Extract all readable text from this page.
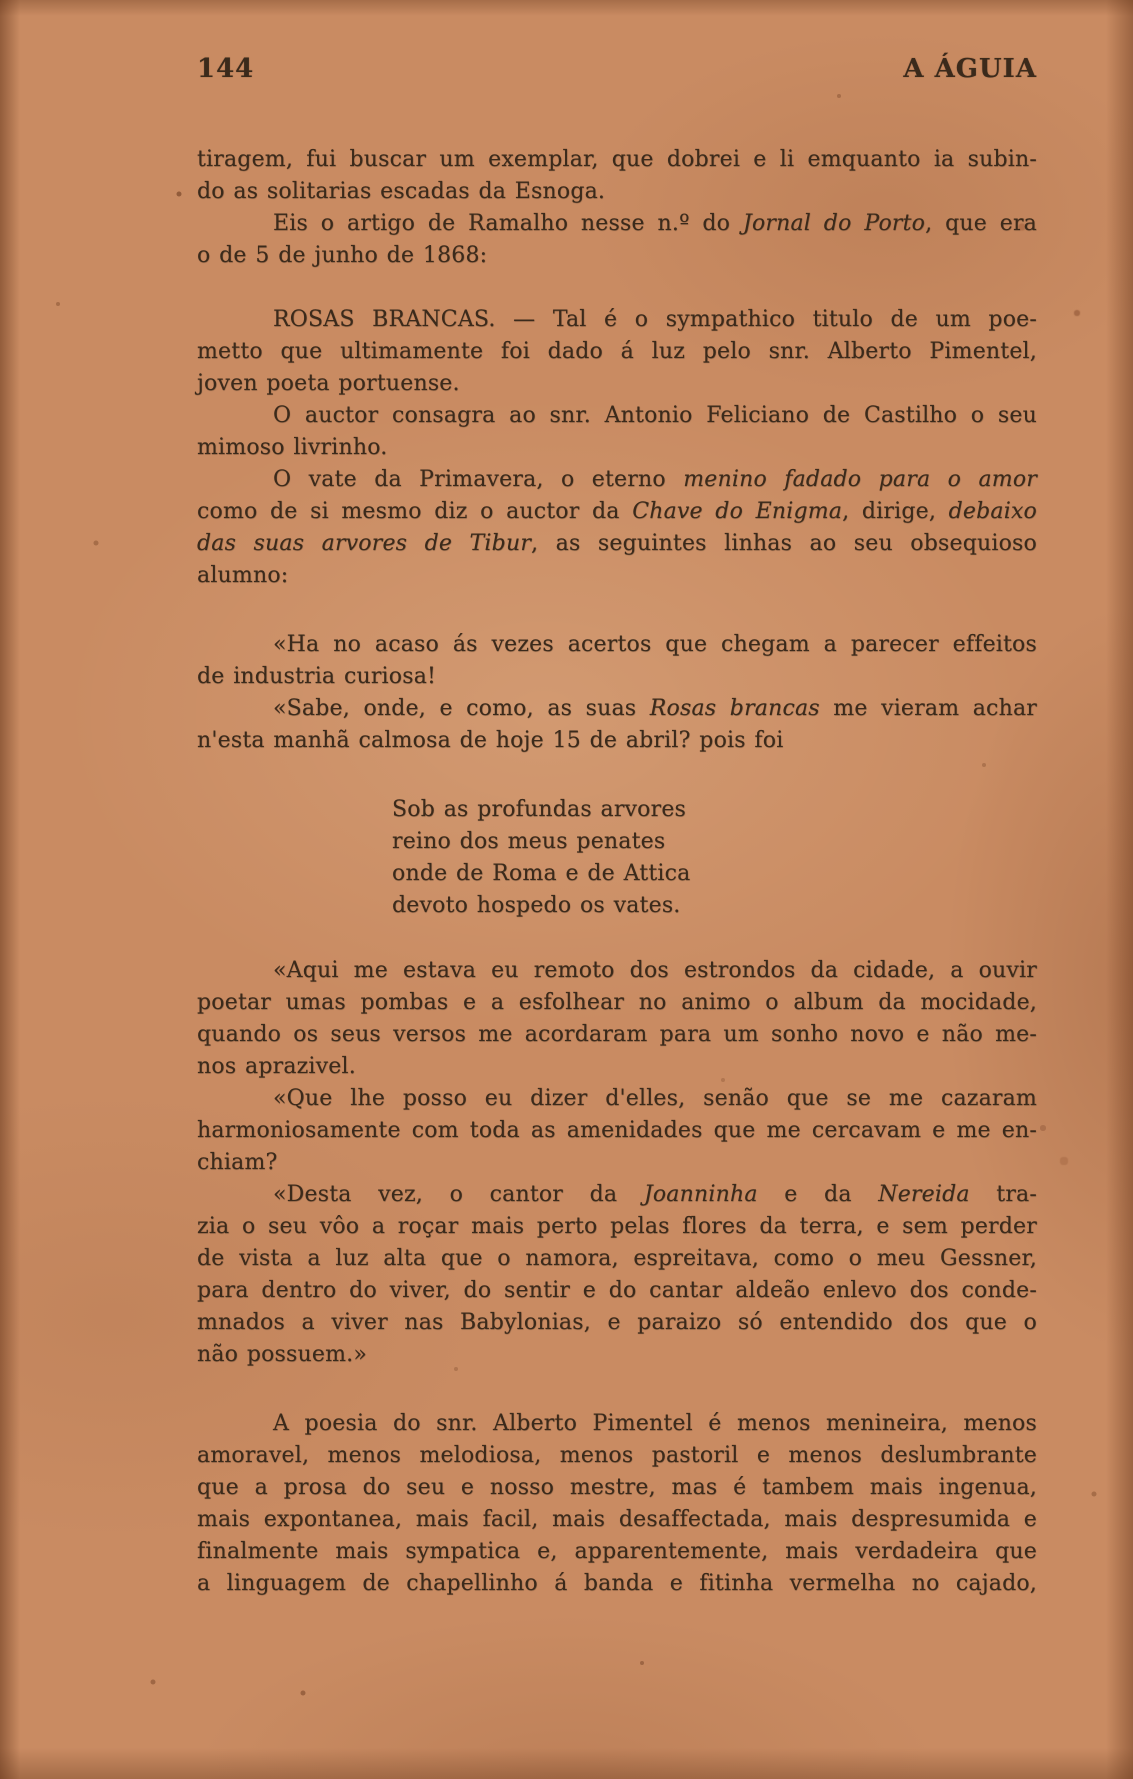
144	A ÁGUIA
tiragem, fui buscar um exemplar, que dobrei e li emquanto ia subin-
do as solitarias escadas da Esnoga.
Eis o artigo de Ramalho nesse n.º do Jornal do Porto, que era
o de 5 de junho de 1868:
ROSAS BRANCAS. — Tal é o sympathico titulo de um poe-
metto que ultimamente foi dado á luz pelo snr. Alberto Pimentel,
joven poeta portuense.
O auctor consagra ao snr. Antonio Feliciano de Castilho o seu
mimoso livrinho.
O vate da Primavera, o eterno menino fadado para o amor
como de si mesmo diz o auctor da Chave do Enigma, dirige, debaixo
das suas arvores de Tibur, as seguintes linhas ao seu obsequioso
alumno:
«Ha no acaso ás vezes acertos que chegam a parecer effeitos
de industria curiosa!
«Sabe, onde, e como, as suas Rosas brancas me vieram achar
n'esta manhã calmosa de hoje 15 de abril? pois foi
Sob as profundas arvores
reino dos meus penates
onde de Roma e de Attica
devoto hospedo os vates.
«Aqui me estava eu remoto dos estrondos da cidade, a ouvir
poetar umas pombas e a esfolhear no animo o album da mocidade,
quando os seus versos me acordaram para um sonho novo e não me-
nos aprazivel.
«Que lhe posso eu dizer d'elles, senão que se me cazaram
harmoniosamente com toda as amenidades que me cercavam e me en-
chiam?
«Desta vez, o cantor da Joanninha e da Nereida tra-
zia o seu vôo a roçar mais perto pelas flores da terra, e sem perder
de vista a luz alta que o namora, espreitava, como o meu Gessner,
para dentro do viver, do sentir e do cantar aldeão enlevo dos conde-
mnados a viver nas Babylonias, e paraizo só entendido dos que o
não possuem.»
A poesia do snr. Alberto Pimentel é menos menineira, menos
amoravel, menos melodiosa, menos pastoril e menos deslumbrante
que a prosa do seu e nosso mestre, mas é tambem mais ingenua,
mais expontanea, mais facil, mais desaffectada, mais despresumida e
finalmente mais sympatica e, apparentemente, mais verdadeira que
a linguagem de chapellinho á banda e fitinha vermelha no cajado,
